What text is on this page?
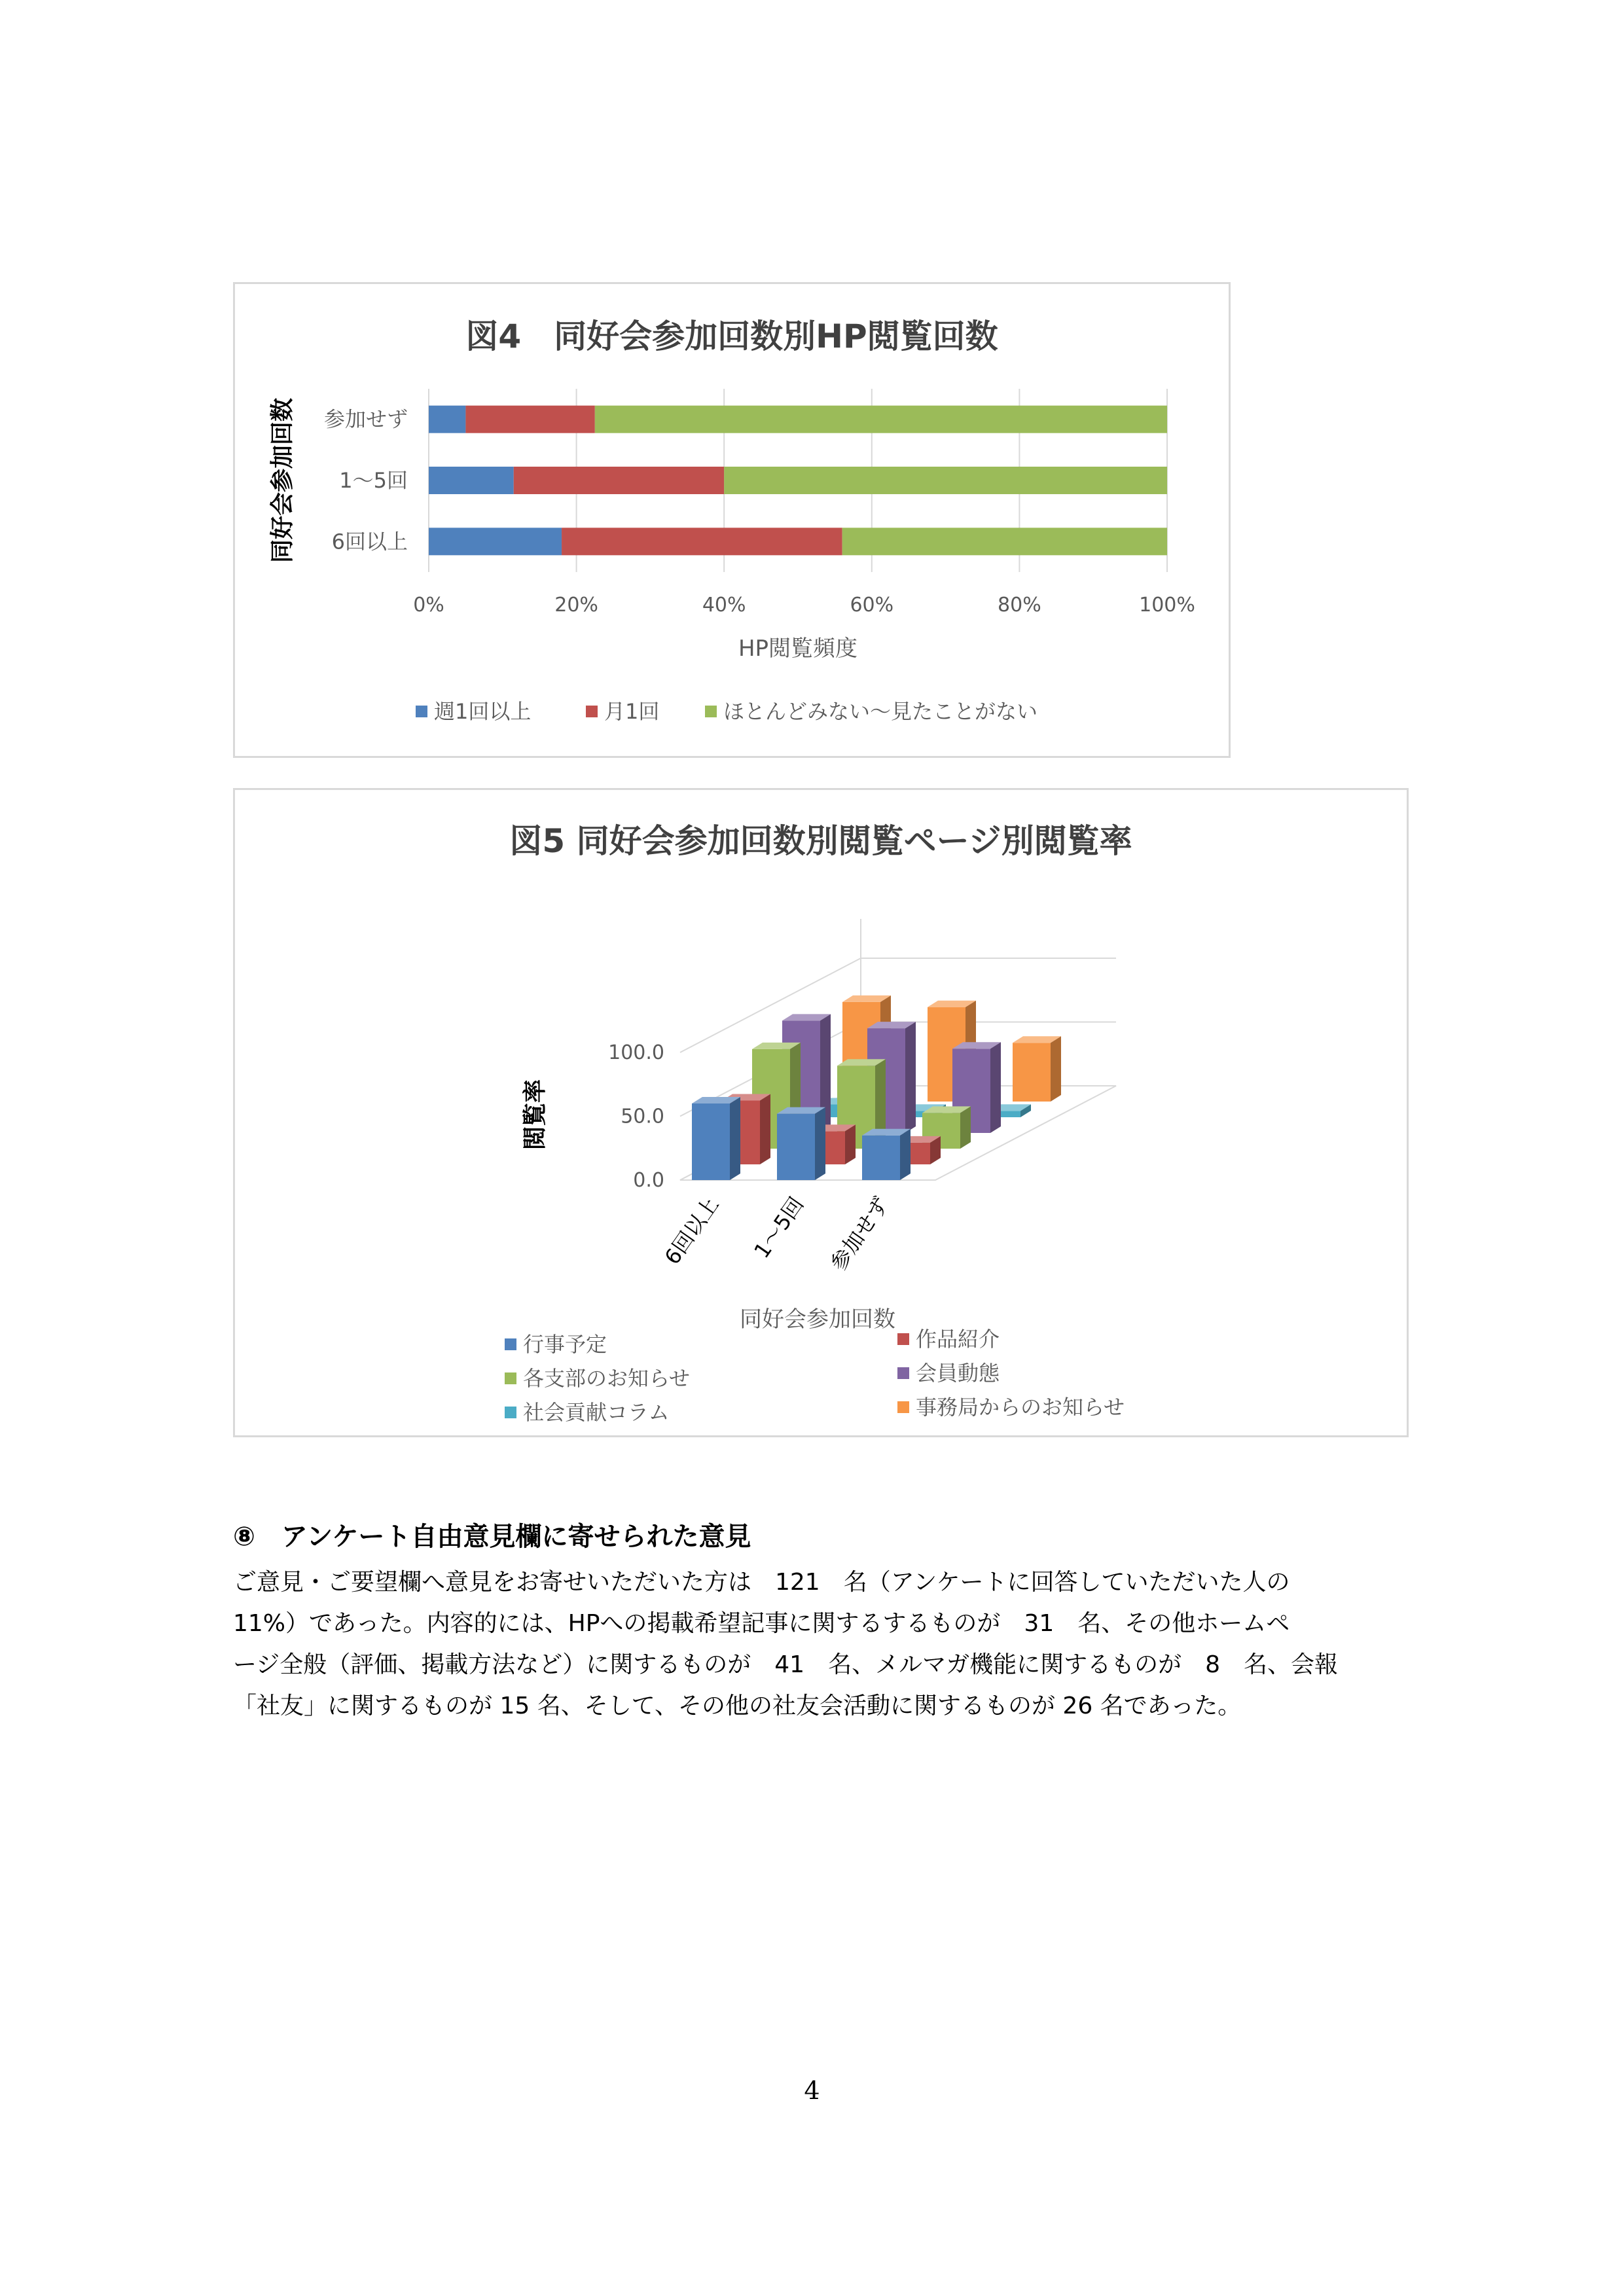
図4　同好会参加回数別HP閲覧回数
0%	20%	40%	60%	80%	100%
参加せず
1～5回
6回以上
HP閲覧頻度
同好会参加回数
週1回以上	月1回	ほとんどみない～見たことがない
図5 同好会参加回数別閲覧ページ別閲覧率
0.0
50.0
100.0
閲覧率
6回以上 1～5回 参加せず
同好会参加回数
行事予定	作品紹介
各支部のお知らせ	会員動態
社会貢献コラム	事務局からのお知らせ
⑧　アンケート自由意見欄に寄せられた意見

ご意見・ご要望欄へ意見をお寄せいただいた方は　121　名（アンケートに回答していただいた人の
11%）であった。内容的には、HPへの掲載希望記事に関するするものが　31　名、その他ホームペ
ージ全般（評価、掲載方法など）に関するものが　41　名、メルマガ機能に関するものが　8　名、会報
「社友」に関するものが 15 名、そして、その他の社友会活動に関するものが 26 名であった。

4
